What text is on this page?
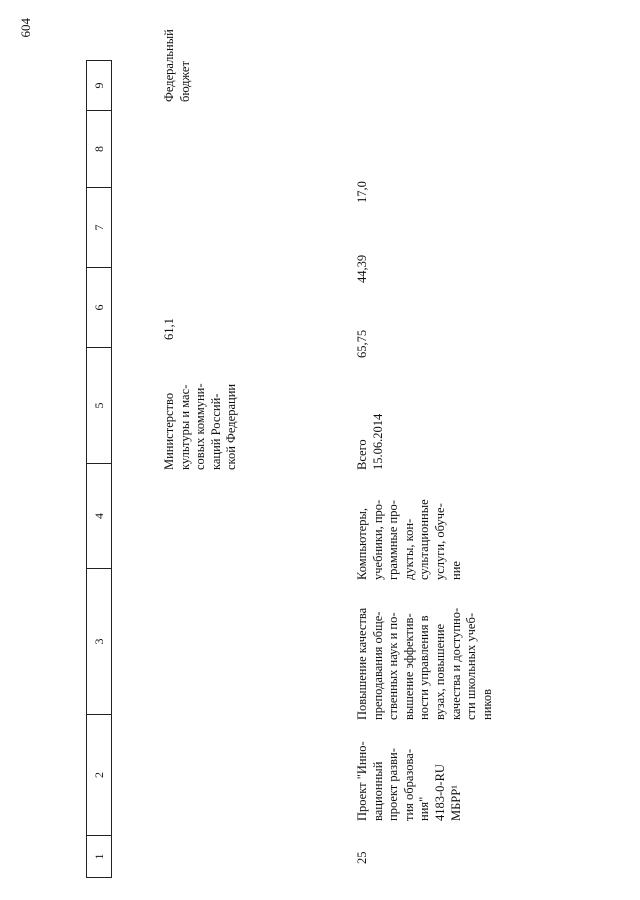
604
1
2
3
4
5
6
7
8
9
Министерство
культуры и мас-
совых коммуни-
каций Россий-
ской Федерации
61,1
Федеральный
бюджет
25
Проект "Инно-
вационный
проект разви-
тия образова-
ния"
4183-0-RU
МБРР¹
Повышение качества
преподавания обще-
ственных наук и по-
вышение эффектив-
ности управления в
вузах, повышение
качества и доступно-
сти школьных учеб-
ников
Компьютеры,
учебники, про-
граммные про-
дукты, кон-
сультационные
услуги, обуче-
ние
Всего
15.06.2014
65,75
44,39
17,0
